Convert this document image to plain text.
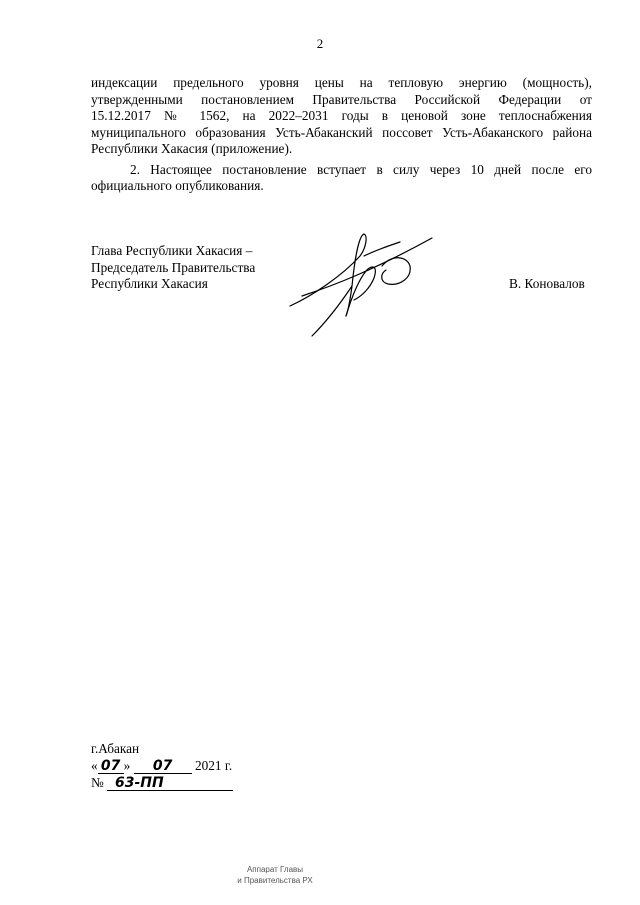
2

индексации предельного уровня цены на тепловую энергию (мощность),

утвержденными постановлением Правительства Российской Федерации от

15.12.2017 № 1562, на 2022–2031 годы в ценовой зоне теплоснабжения

муниципального образования Усть-Абаканский поссовет Усть-Абаканского района

Республики Хакасия (приложение).

2. Настоящее постановление вступает в силу через 10 дней после его

официального опубликования.

Глава Республики Хакасия –
Председатель Правительства
Республики Хакасия	В. Коновалов
г.Абакан
« 07 » 07 2021 г.
№ 63-ПП
Аппарат Главы
и Правительства РХ
